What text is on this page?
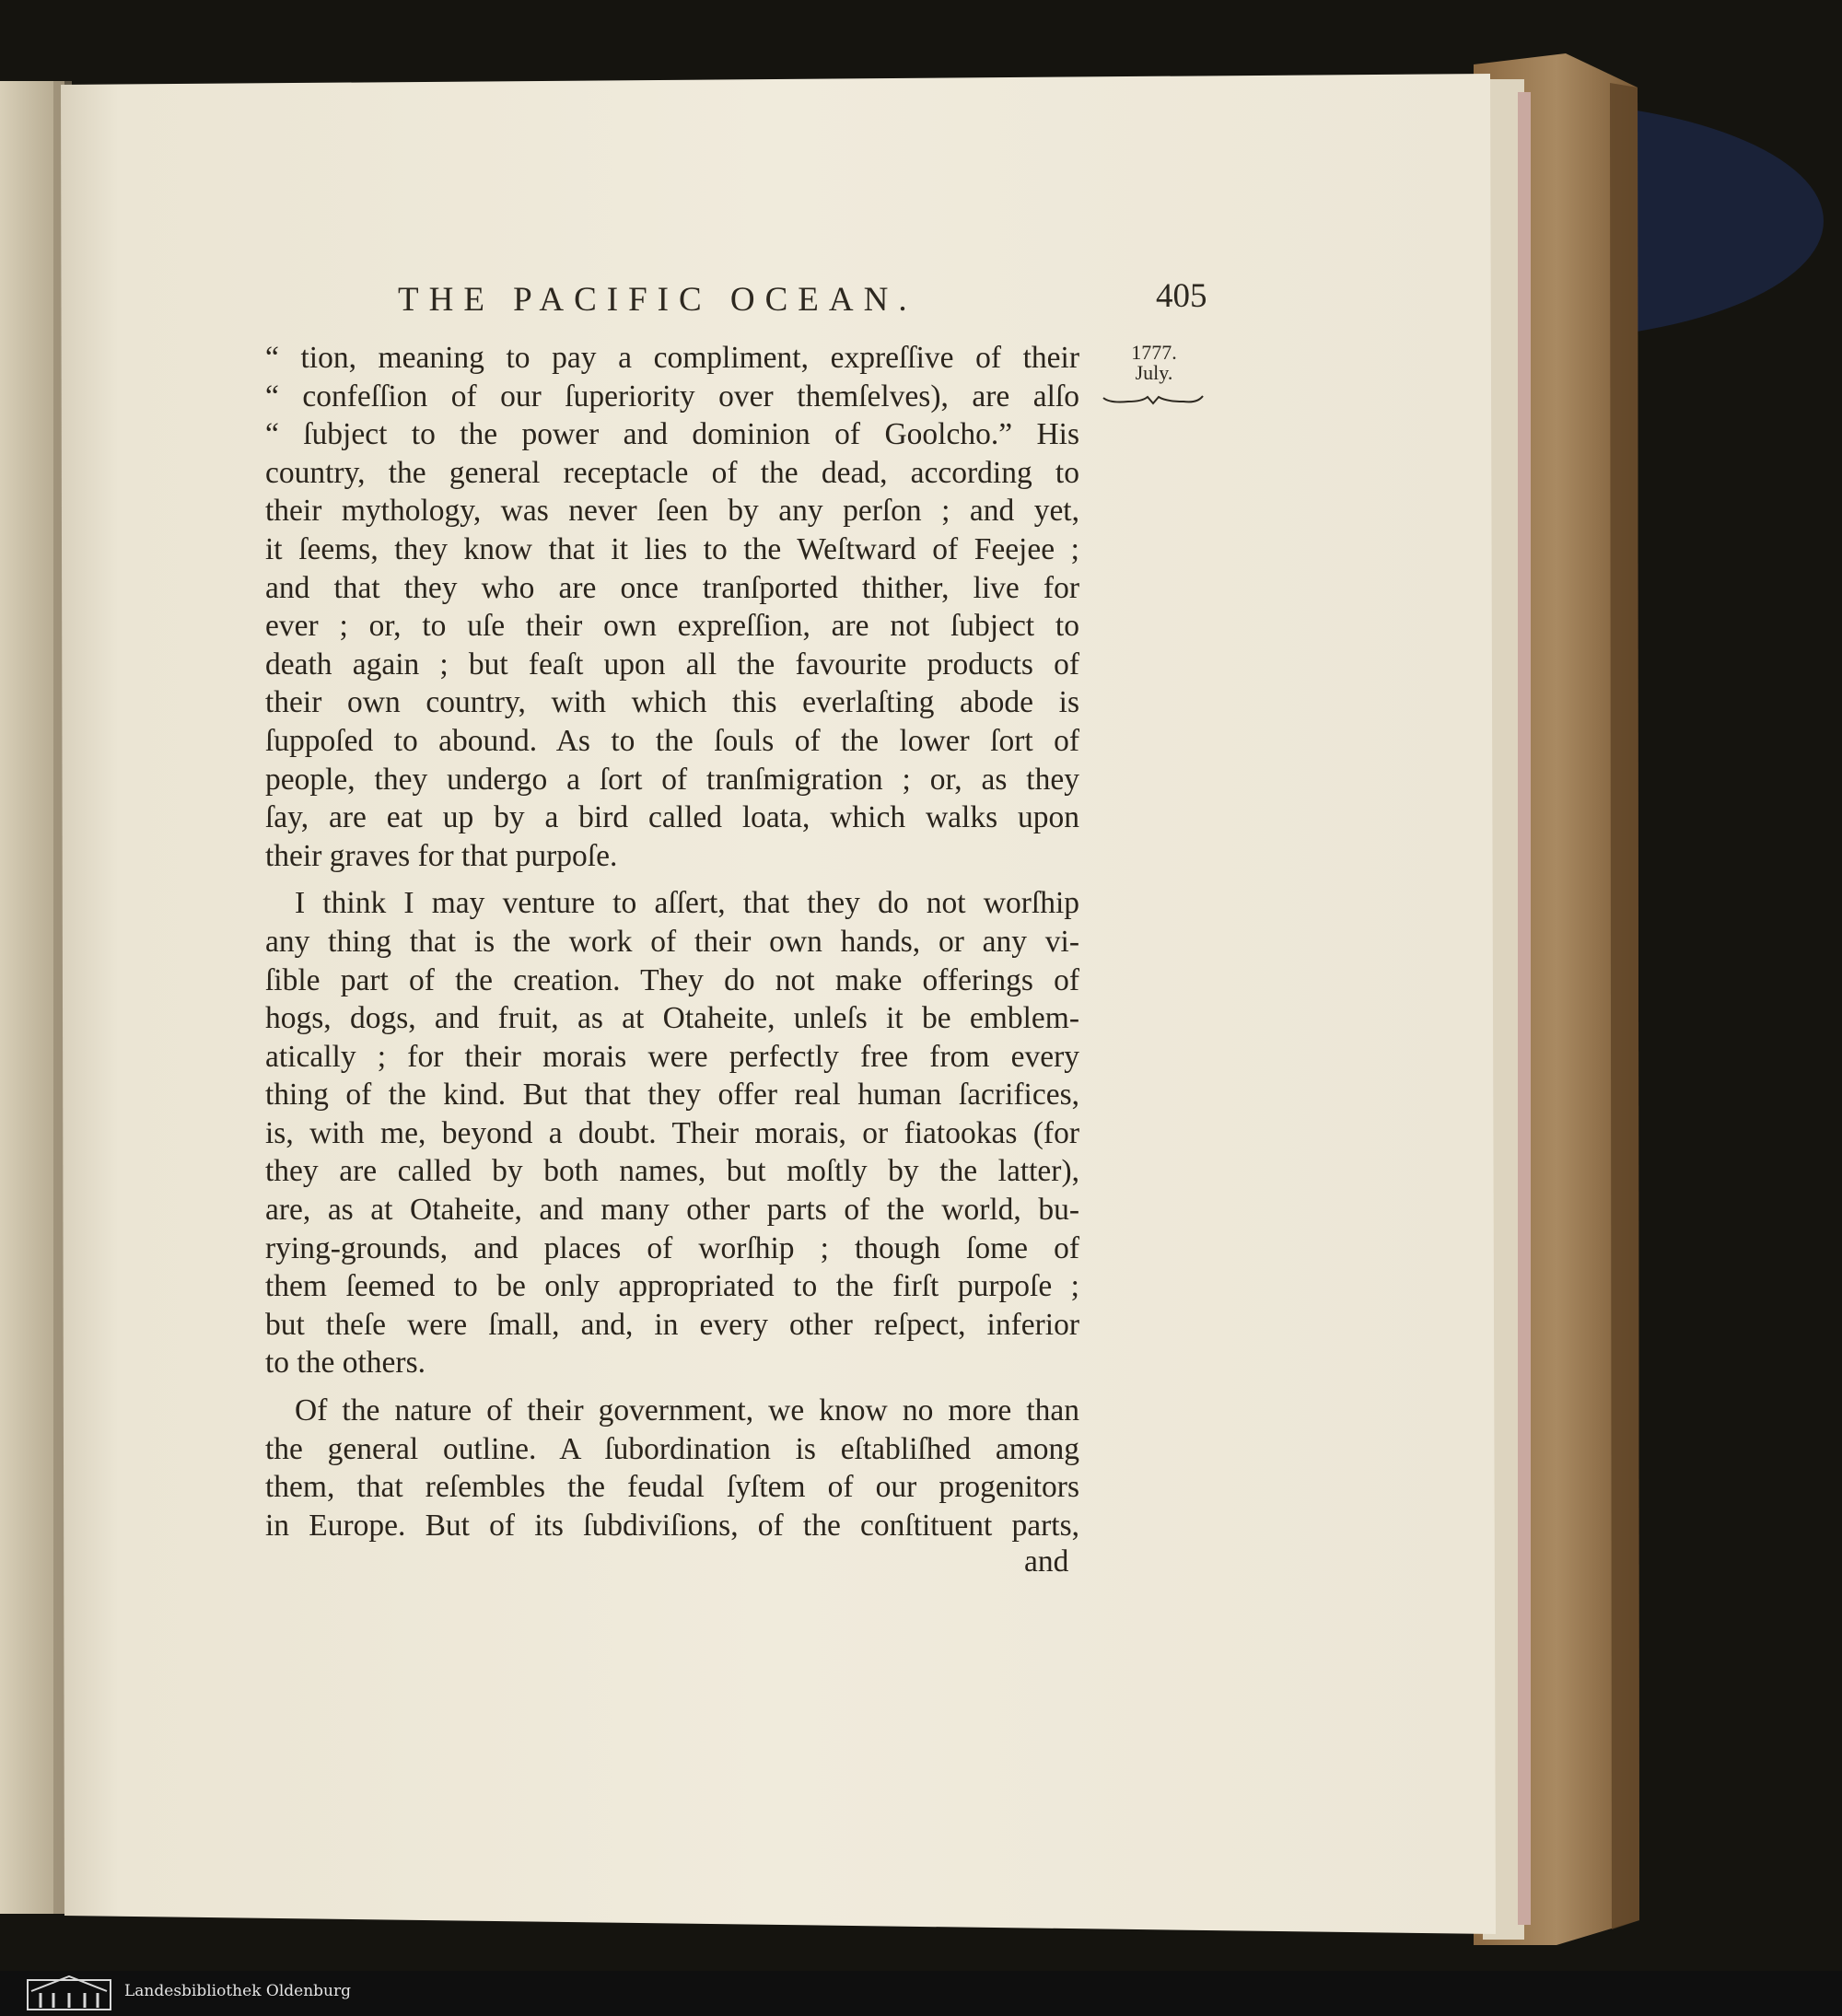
THE PACIFIC OCEAN.	405
1777.
July.
“ tion, meaning to pay a compliment, expreſſive of their
“ confeſſion of our ſuperiority over themſelves), are alſo
“ ſubject to the power and dominion of Goolcho.” His
country, the general receptacle of the dead, according to
their mythology, was never ſeen by any perſon ; and yet,
it ſeems, they know that it lies to the Weſtward of Feejee ;
and that they who are once tranſported thither, live for
ever ; or, to uſe their own expreſſion, are not ſubject to
death again ; but feaſt upon all the favourite products of
their own country, with which this everlaſting abode is
ſuppoſed to abound. As to the ſouls of the lower ſort of
people, they undergo a ſort of tranſmigration ; or, as they
ſay, are eat up by a bird called loata, which walks upon
their graves for that purpoſe.
I think I may venture to aſſert, that they do not worſhip
any thing that is the work of their own hands, or any vi-
ſible part of the creation. They do not make offerings of
hogs, dogs, and fruit, as at Otaheite, unleſs it be emblem-
atically ; for their morais were perfectly free from every
thing of the kind. But that they offer real human ſacrifices,
is, with me, beyond a doubt. Their morais, or fiatookas (for
they are called by both names, but moſtly by the latter),
are, as at Otaheite, and many other parts of the world, bu-
rying-grounds, and places of worſhip ; though ſome of
them ſeemed to be only appropriated to the firſt purpoſe ;
but theſe were ſmall, and, in every other reſpect, inferior
to the others.
Of the nature of their government, we know no more than
the general outline. A ſubordination is eſtabliſhed among
them, that reſembles the feudal ſyſtem of our progenitors
in Europe. But of its ſubdiviſions, of the conſtituent parts,
and
Landesbibliothek Oldenburg
